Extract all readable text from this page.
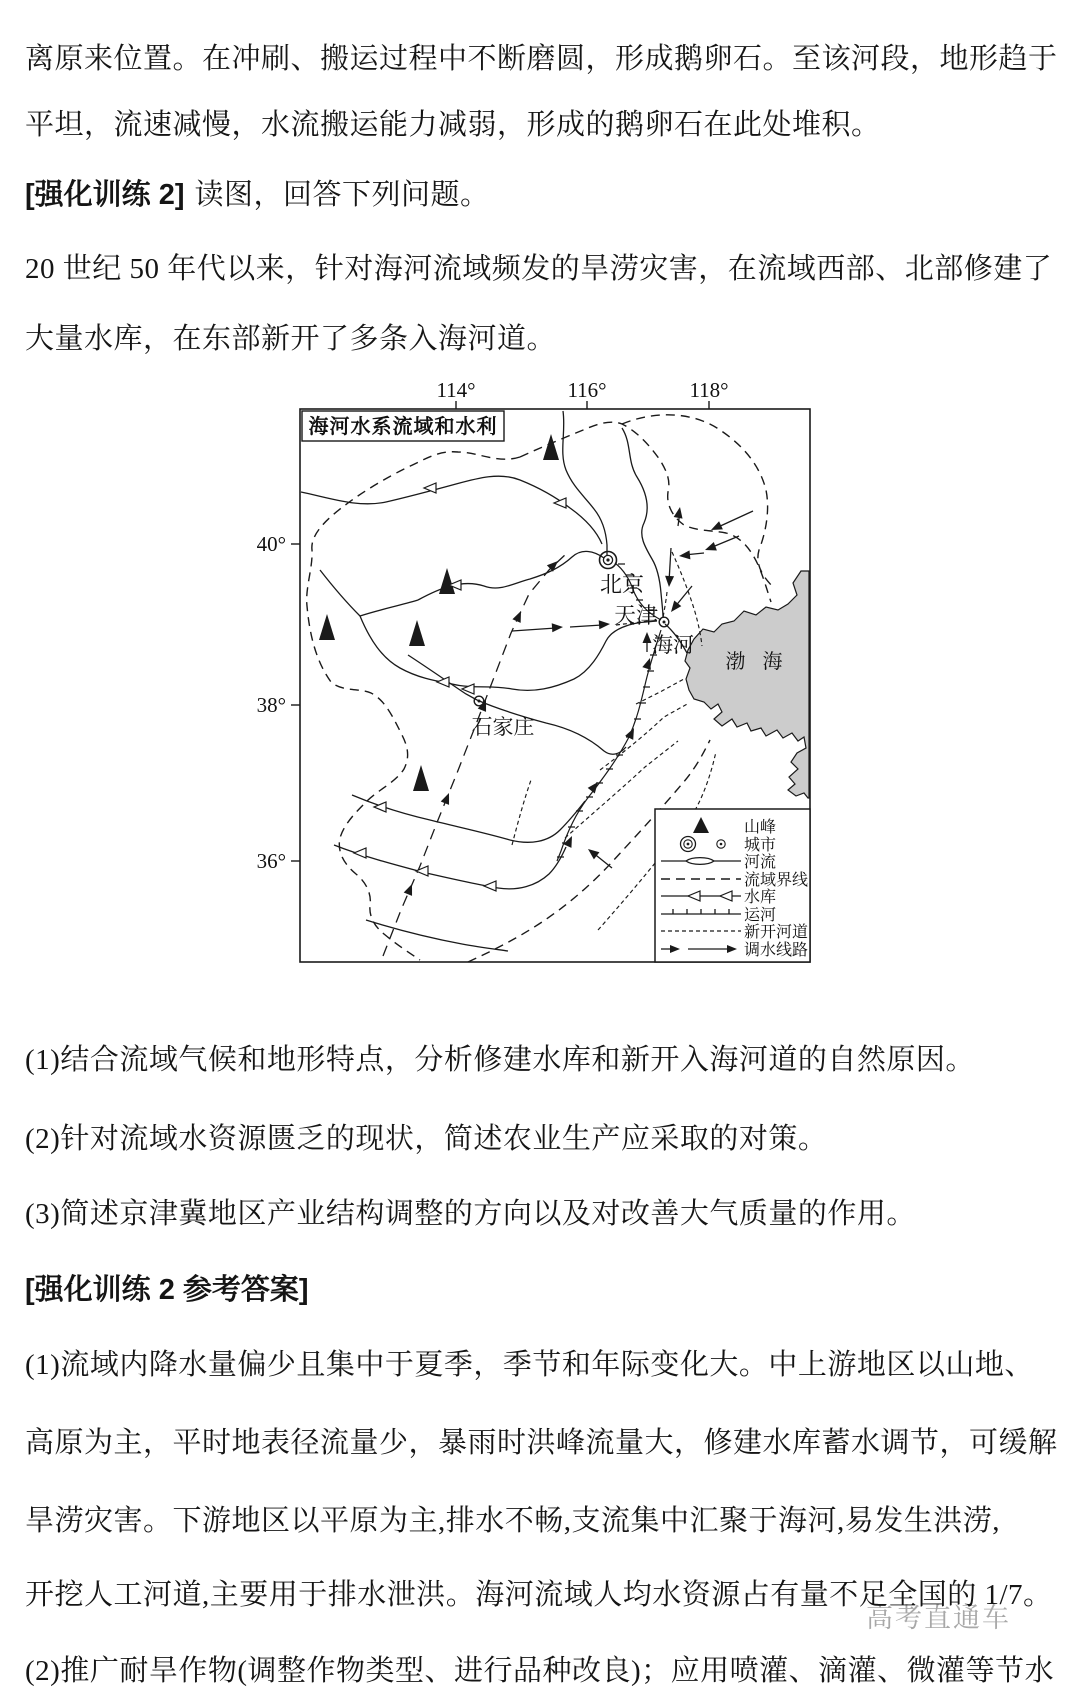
高考直通车

离原来位置。在冲刷、搬运过程中不断磨圆，形成鹅卵石。至该河段，地形趋于

平坦，流速减慢，水流搬运能力减弱，形成的鹅卵石在此处堆积。

[强化训练 2] 读图，回答下列问题。

20 世纪 50 年代以来，针对海河流域频发的旱涝灾害，在流域西部、北部修建了

大量水库，在东部新开了多条入海河道。

114°	116°	118°
40°
38°
36°
渤 海
北京
天津
石家庄
海河
海河水系流域和水利
山峰
城市
河流
流域界线
水库
运河
新开河道
调水线路

(1)结合流域气候和地形特点，分析修建水库和新开入海河道的自然原因。

(2)针对流域水资源匮乏的现状，简述农业生产应采取的对策。

(3)简述京津冀地区产业结构调整的方向以及对改善大气质量的作用。

[强化训练 2 参考答案]

(1)流域内降水量偏少且集中于夏季，季节和年际变化大。中上游地区以山地、

高原为主，平时地表径流量少，暴雨时洪峰流量大，修建水库蓄水调节，可缓解

旱涝灾害。下游地区以平原为主,排水不畅,支流集中汇聚于海河,易发生洪涝,

开挖人工河道,主要用于排水泄洪。海河流域人均水资源占有量不足全国的 1/7。

(2)推广耐旱作物(调整作物类型、进行品种改良)；应用喷灌、滴灌、微灌等节水
